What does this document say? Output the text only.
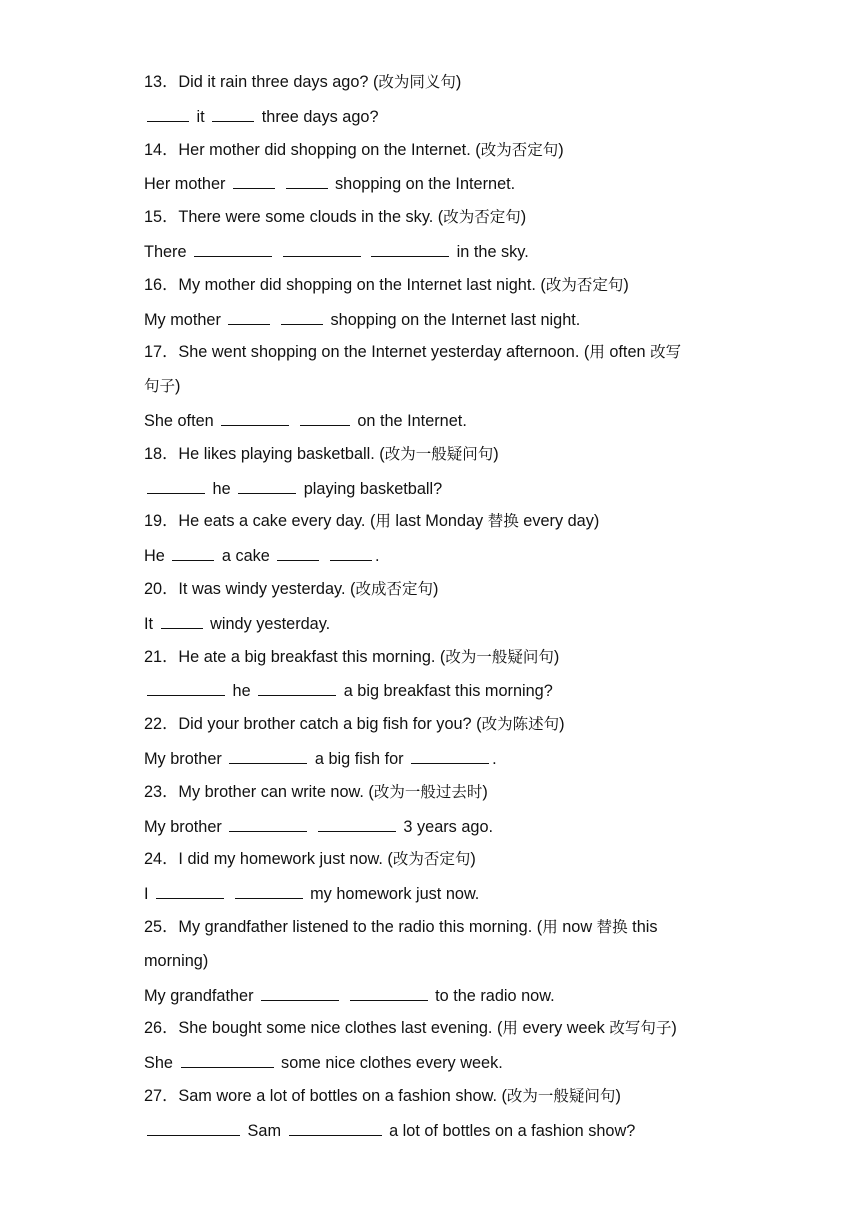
13．Did it rain three days ago? (改为同义句)
it	three days ago?
14．Her mother did shopping on the Internet. (改为否定句)
Her mother	shopping on the Internet.
15．There were some clouds in the sky. (改为否定句)
There	in the sky.
16．My mother did shopping on the Internet last night. (改为否定句)
My mother	shopping on the Internet last night.
17．She went shopping on the Internet yesterday afternoon. (用 often 改写
句子)
She often	on the Internet.
18．He likes playing basketball. (改为一般疑问句)
he	playing basketball?
19．He eats a cake every day. (用 last Monday 替换 every day)
He	a cake	.
20．It was windy yesterday. (改成否定句)
It	windy yesterday.
21．He ate a big breakfast this morning. (改为一般疑问句)
he	a big breakfast this morning?
22．Did your brother catch a big fish for you? (改为陈述句)
My brother	a big fish for	.
23．My brother can write now. (改为一般过去时)
My brother	3 years ago.
24．I did my homework just now. (改为否定句)
I	my homework just now.
25．My grandfather listened to the radio this morning. (用 now 替换 this
morning)
My grandfather	to the radio now.
26．She bought some nice clothes last evening. (用 every week 改写句子)
She	some nice clothes every week.
27．Sam wore a lot of bottles on a fashion show. (改为一般疑问句)
Sam	a lot of bottles on a fashion show?
